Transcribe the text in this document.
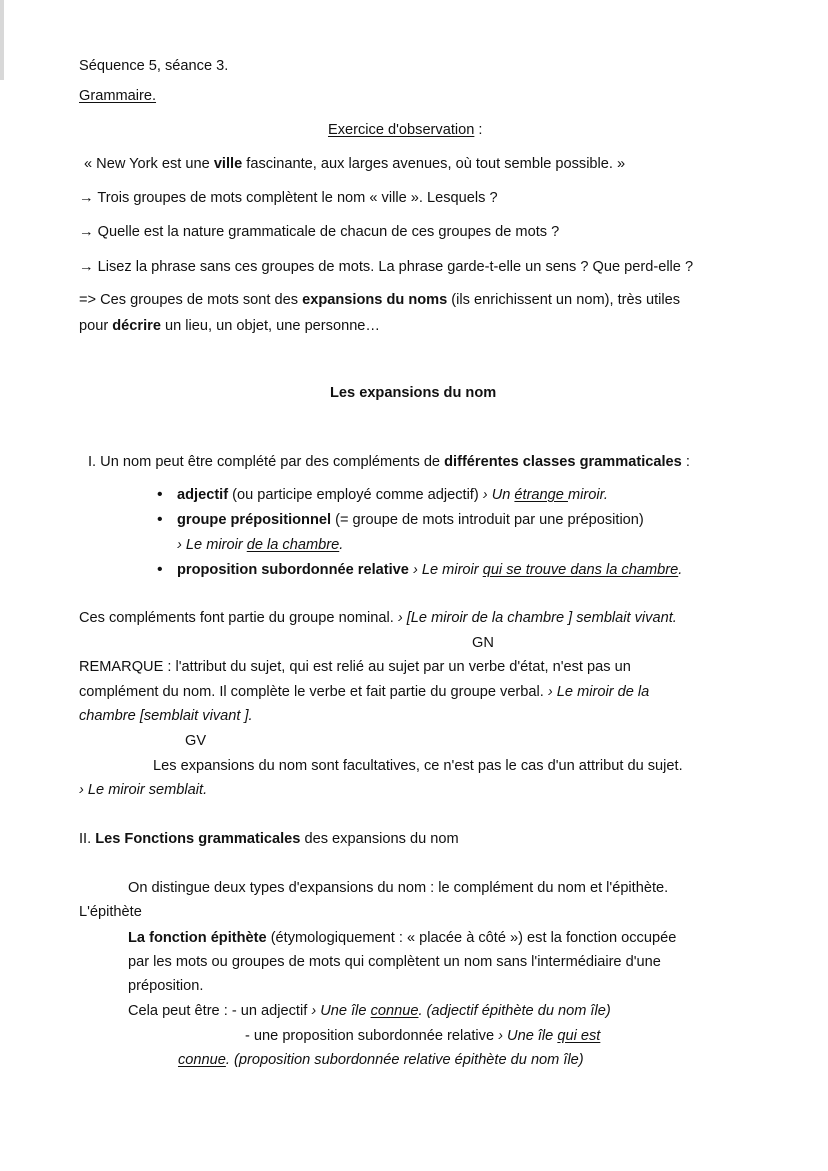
Séquence 5, séance 3.
Grammaire.
Exercice d'observation :
« New York est une ville fascinante, aux larges avenues, où tout semble possible. »
→ Trois groupes de mots complètent le nom « ville ». Lesquels ?
→ Quelle est la nature grammaticale de chacun de ces groupes de mots ?
→ Lisez la phrase sans ces groupes de mots. La phrase garde-t-elle un sens ? Que perd-elle ?
=> Ces groupes de mots sont des expansions du noms (ils enrichissent un nom), très utiles
pour décrire un lieu, un objet, une personne…
Les expansions du nom
I. Un nom peut être complété par des compléments de différentes classes grammaticales :
adjectif (ou participe employé comme adjectif) › Un étrange miroir.
•
groupe prépositionnel (= groupe de mots introduit par une préposition)
•
› Le miroir de la chambre.
proposition subordonnée relative › Le miroir qui se trouve dans la chambre.
•
Ces compléments font partie du groupe nominal. › [Le miroir de la chambre ] semblait vivant.
GN
REMARQUE : l'attribut du sujet, qui est relié au sujet par un verbe d'état, n'est pas un
complément du nom. Il complète le verbe et fait partie du groupe verbal. › Le miroir de la
chambre [semblait vivant ].
GV
Les expansions du nom sont facultatives, ce n'est pas le cas d'un attribut du sujet.
› Le miroir semblait.
II. Les Fonctions grammaticales des expansions du nom
On distingue deux types d'expansions du nom : le complément du nom et l'épithète.
L'épithète
La fonction épithète (étymologiquement : « placée à côté ») est la fonction occupée
par les mots ou groupes de mots qui complètent un nom sans l'intermédiaire d'une
préposition.
Cela peut être : - un adjectif › Une île connue. (adjectif épithète du nom île)
- une proposition subordonnée relative › Une île qui est
connue. (proposition subordonnée relative épithète du nom île)
